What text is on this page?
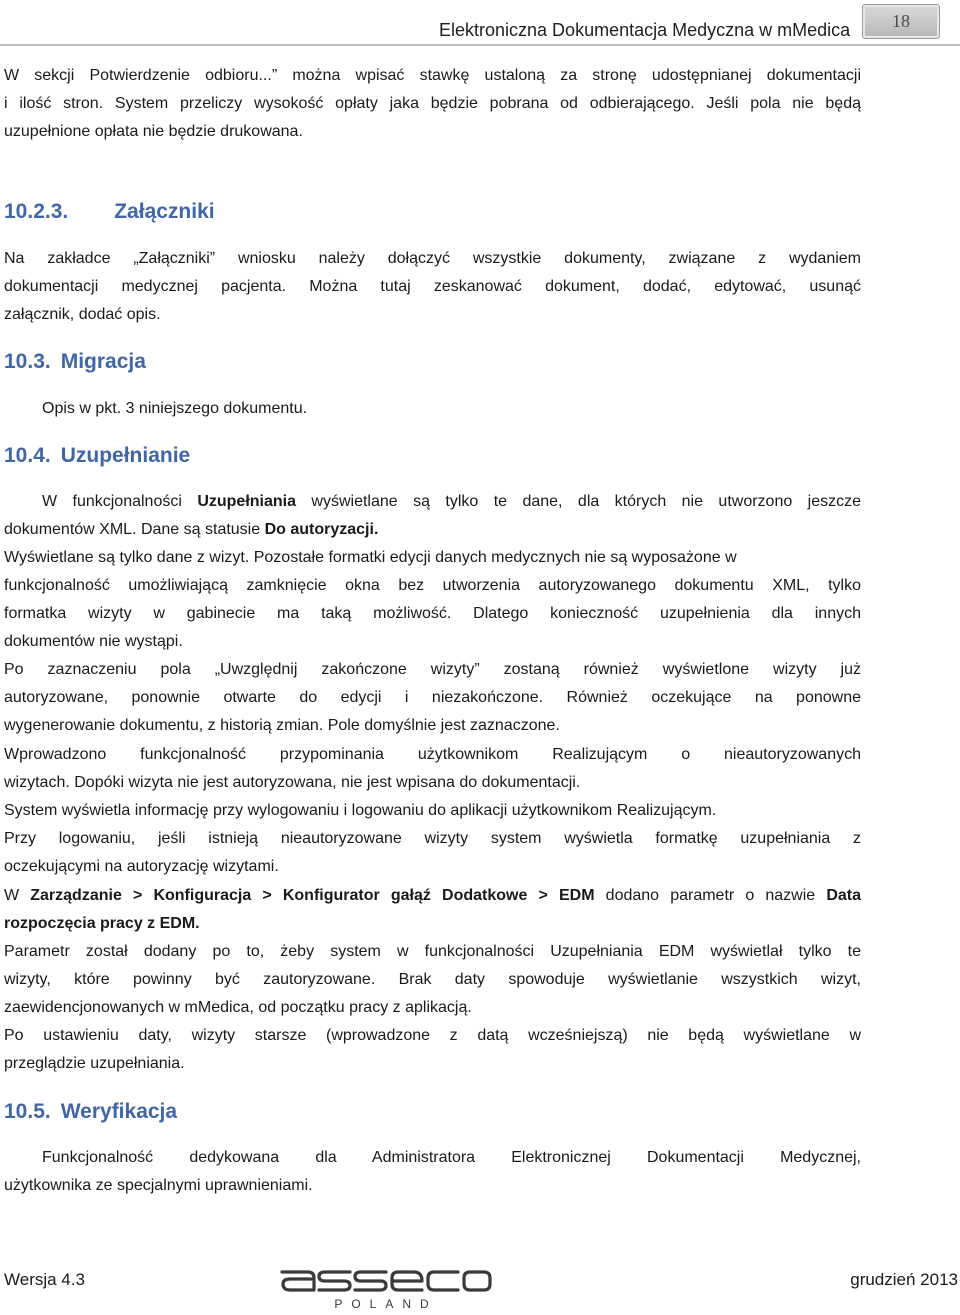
Elektroniczna Dokumentacja Medyczna w mMedica	18

W sekcji Potwierdzenie odbioru...” można wpisać stawkę ustaloną za stronę udostępnianej dokumentacji

i ilość stron. System przeliczy wysokość opłaty jaka będzie pobrana od odbierającego. Jeśli pola nie będą

uzupełnione opłata nie będzie drukowana.

10.2.3. Załączniki

Na zakładce „Załączniki” wniosku należy dołączyć wszystkie dokumenty, związane z wydaniem

dokumentacji medycznej pacjenta. Można tutaj zeskanować dokument, dodać, edytować, usunąć

załącznik, dodać opis.

10.3. Migracja

Opis w pkt. 3 niniejszego dokumentu.

10.4. Uzupełnianie

W funkcjonalności Uzupełniania wyświetlane są tylko te dane, dla których nie utworzono jeszcze

dokumentów XML. Dane są statusie Do autoryzacji.

Wyświetlane są tylko dane z wizyt. Pozostałe formatki edycji danych medycznych nie są wyposażone w

funkcjonalność umożliwiającą zamknięcie okna bez utworzenia autoryzowanego dokumentu XML, tylko

formatka wizyty w gabinecie ma taką możliwość. Dlatego konieczność uzupełnienia dla innych

dokumentów nie wystąpi.

Po zaznaczeniu pola „Uwzględnij zakończone wizyty” zostaną również wyświetlone wizyty już

autoryzowane, ponownie otwarte do edycji i niezakończone. Również oczekujące na ponowne

wygenerowanie dokumentu, z historią zmian. Pole domyślnie jest zaznaczone.

Wprowadzono funkcjonalność przypominania użytkownikom Realizującym o nieautoryzowanych

wizytach. Dopóki wizyta nie jest autoryzowana, nie jest wpisana do dokumentacji.

System wyświetla informację przy wylogowaniu i logowaniu do aplikacji użytkownikom Realizującym.

Przy logowaniu, jeśli istnieją nieautoryzowane wizyty system wyświetla formatkę uzupełniania z

oczekującymi na autoryzację wizytami.

W Zarządzanie > Konfiguracja > Konfigurator gałąź Dodatkowe > EDM dodano parametr o nazwie Data

rozpoczęcia pracy z EDM.

Parametr został dodany po to, żeby system w funkcjonalności Uzupełniania EDM wyświetlał tylko te

wizyty, które powinny być zautoryzowane. Brak daty spowoduje wyświetlanie wszystkich wizyt,

zaewidencjonowanych w mMedica, od początku pracy z aplikacją.

Po ustawieniu daty, wizyty starsze (wprowadzone z datą wcześniejszą) nie będą wyświetlane w

przeglądzie uzupełniania.

10.5. Weryfikacja

Funkcjonalność dedykowana dla Administratora Elektronicznej Dokumentacji Medycznej,

użytkownika ze specjalnymi uprawnieniami.

Wersja 4.3
POLAND
asseco
grudzień 2013
